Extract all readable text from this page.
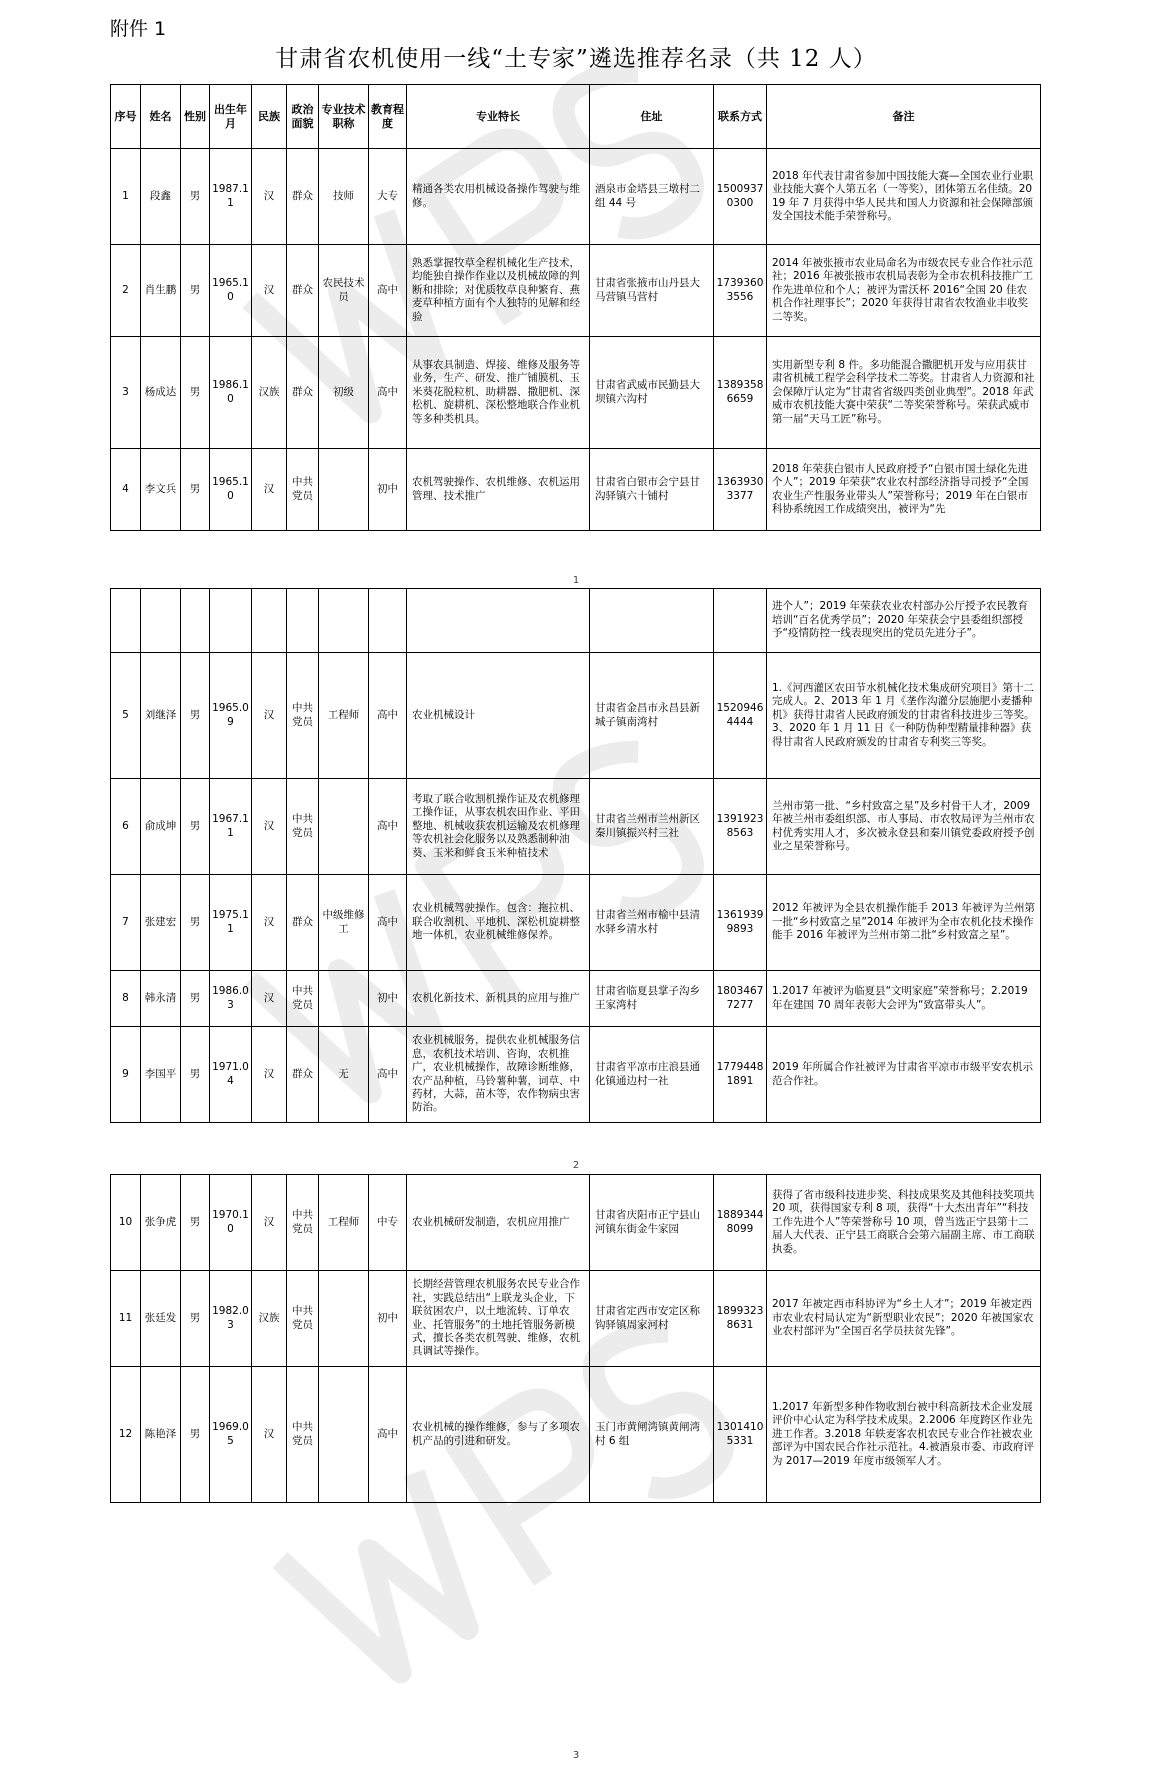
附件 1
甘肃省农机使用一线“土专家”遴选推荐名录（共 12 人）
序号	姓名	性别	出生年月	民族	政治面貌	专业技术职称	教育程度	专业特长	住址	联系方式	备注
1	段鑫	男	1987.11	汉	群众	技师	大专	精通各类农用机械设备操作驾驶与维修。	酒泉市金塔县三墩村二组 44 号	15009370300	2018 年代表甘肃省参加中国技能大赛—全国农业行业职业技能大赛个人第五名（一等奖），团体第五名佳绩。2019 年 7 月获得中华人民共和国人力资源和社会保障部颁发全国技术能手荣誉称号。
2	肖生鹏	男	1965.10	汉	群众	农民技术员	高中	熟悉掌握牧草全程机械化生产技术，均能独自操作作业以及机械故障的判断和排除；对优质牧草良种繁育、燕麦草种植方面有个人独特的见解和经验	甘肃省张掖市山丹县大马营镇马营村	17393603556	2014 年被张掖市农业局命名为市级农民专业合作社示范社；2016 年被张掖市农机局表彰为全市农机科技推广工作先进单位和个人；被评为雷沃杯 2016“全国 20 佳农机合作社理事长”；2020 年获得甘肃省农牧渔业丰收奖二等奖。
3	杨成达	男	1986.10	汉族	群众	初级	高中	从事农具制造、焊接、维修及服务等业务，生产、研发、推广铺膜机、玉米葵花脱粒机、助耕器、撒肥机、深松机、旋耕机、深松整地联合作业机等多种类机具。	甘肃省武威市民勤县大坝镇六沟村	13893586659	实用新型专利 8 件。多功能混合撒肥机开发与应用获甘肃省机械工程学会科学技术二等奖。甘肃省人力资源和社会保障厅认定为“甘肃省省级四类创业典型”。2018 年武威市农机技能大赛中荣获“二等奖荣誉称号。荣获武威市第一届“天马工匠”称号。
4	李文兵	男	1965.10	汉	中共党员		初中	农机驾驶操作、农机维修、农机运用管理、技术推广	甘肃省白银市会宁县甘沟驿镇六十铺村	13639303377	2018 年荣获白银市人民政府授予“白银市国土绿化先进个人”；2019 年荣获“农业农村部经济指导司授予“全国农业生产性服务业带头人”荣誉称号；2019 年在白银市科协系统因工作成绩突出，被评为“先
1
											进个人”；2019 年荣获农业农村部办公厅授予农民教育培训“百名优秀学员”；2020 年荣获会宁县委组织部授予“疫情防控一线表现突出的党员先进分子”。
5	刘继泽	男	1965.09	汉	中共党员	工程师	高中	农业机械设计	甘肃省金昌市永昌县新城子镇南湾村	15209464444	1.《河西灌区农田节水机械化技术集成研究项目》第十二完成人。2、2013 年 1 月《垄作沟灌分层施肥小麦播种机》获得甘肃省人民政府颁发的甘肃省科技进步三等奖。3、2020 年 1 月 11 日《一种防伪种型精量排种器》获得甘肃省人民政府颁发的甘肃省专利奖三等奖。
6	俞成坤	男	1967.11	汉	中共党员		高中	考取了联合收割机操作证及农机修理工操作证，从事农机农田作业、平田整地、机械收获农机运输及农机修理等农机社会化服务以及熟悉制种油葵、玉米和鲜食玉米种植技术	甘肃省兰州市兰州新区秦川镇振兴村三社	13919238563	兰州市第一批、“乡村致富之星”及乡村骨干人才，2009 年被兰州市委组织部、市人事局、市农牧局评为兰州市农村优秀实用人才，多次被永登县和秦川镇党委政府授予创业之星荣誉称号。
7	张建宏	男	1975.11	汉	群众	中级维修工	高中	农业机械驾驶操作。包含：拖拉机、联合收割机、平地机、深松机旋耕整地一体机，农业机械维修保养。	甘肃省兰州市榆中县清水驿乡清水村	13619399893	2012 年被评为全县农机操作能手 2013 年被评为兰州第一批“乡村致富之星”2014 年被评为全市农机化技术操作能手 2016 年被评为兰州市第二批“乡村致富之星”。
8	韩永清	男	1986.03	汉	中共党员		初中	农机化新技术、新机具的应用与推广	甘肃省临夏县掌子沟乡王家湾村	18034677277	1.2017 年被评为临夏县“文明家庭”荣誉称号；2.2019 年在建国 70 周年表彰大会评为“致富带头人”。
9	李国平	男	1971.04	汉	群众	无	高中	农业机械服务，提供农业机械服务信息，农机技术培训、咨询，农机推广，农业机械操作，故障诊断维修，农产品种植，马铃薯种薯，词草、中药材，大蒜，苗木等，农作物病虫害防治。	甘肃省平凉市庄浪县通化镇通边村一社	17794481891	2019 年所属合作社被评为甘肃省平凉市市级平安农机示范合作社。
2
10	张争虎	男	1970.10	汉	中共党员	工程师	中专	农业机械研发制造，农机应用推广	甘肃省庆阳市正宁县山河镇东街金牛家园	18893448099	获得了省市级科技进步奖、科技成果奖及其他科技奖项共 20 项，获得国家专利 8 项，获得“十大杰出青年”“科技工作先进个人”等荣誉称号 10 项，曾当选正宁县第十二届人大代表、正宁县工商联合会第六届副主席、市工商联执委。
11	张廷发	男	1982.03	汉族	中共党员		初中	长期经营管理农机服务农民专业合作社，实践总结出“上联龙头企业，下联贫困农户，以土地流转、订单农业、托管服务”的土地托管服务新模式，擅长各类农机驾驶、维修，农机具调试等操作。	甘肃省定西市安定区称钩驿镇周家河村	18993238631	2017 年被定西市科协评为“乡土人才”；2019 年被定西市农业农村局认定为“新型职业农民”；2020 年被国家农业农村部评为“全国百名学员扶贫先锋”。
12	陈艳泽	男	1969.05	汉	中共党员		高中	农业机械的操作维修，参与了多项农机产品的引进和研发。	玉门市黄闸湾镇黄闸湾村 6 组	13014105331	1.2017 年新型多种作物收割台被中科高新技术企业发展评价中心认定为科学技术成果。2.2006 年度跨区作业先进工作者。3.2018 年轶麦客农机农民专业合作社被农业部评为中国农民合作社示范社。4.被酒泉市委、市政府评为 2017—2019 年度市级领军人才。
3
